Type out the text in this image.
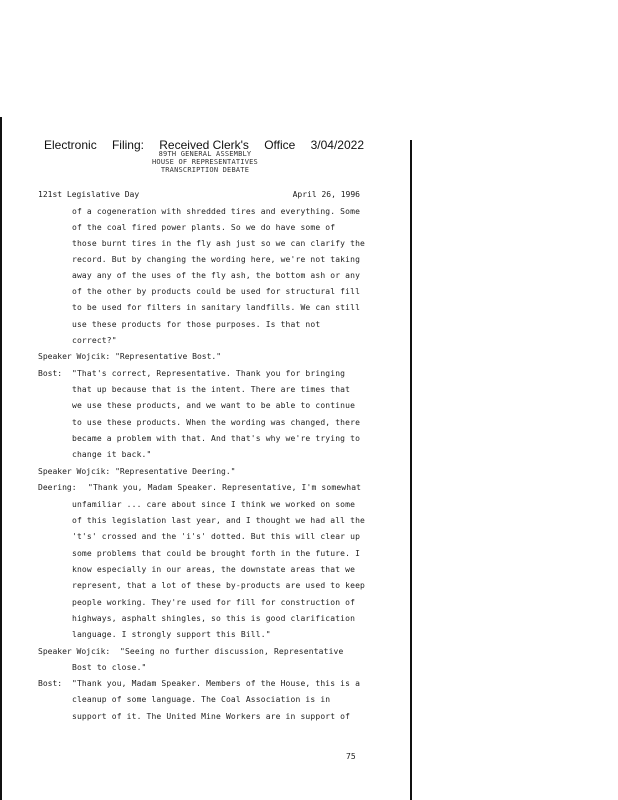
Electronic Filing: Received Clerk's Office 3/04/2022
89TH GENERAL ASSEMBLY
HOUSE OF REPRESENTATIVES
TRANSCRIPTION DEBATE
121st Legislative Day	April 26, 1996
of a cogeneration with shredded tires and everything. Some
of the coal fired power plants. So we do have some of
those burnt tires in the fly ash just so we can clarify the
record. But by changing the wording here, we're not taking
away any of the uses of the fly ash, the bottom ash or any
of the other by products could be used for structural fill
to be used for filters in sanitary landfills. We can still
use these products for those purposes. Is that not
correct?"
Speaker Wojcik: "Representative Bost."
Bost: "That's correct, Representative. Thank you for bringing
that up because that is the intent. There are times that
we use these products, and we want to be able to continue
to use these products. When the wording was changed, there
became a problem with that. And that's why we're trying to
change it back."
Speaker Wojcik: "Representative Deering."
Deering: "Thank you, Madam Speaker. Representative, I'm somewhat
unfamiliar ... care about since I think we worked on some
of this legislation last year, and I thought we had all the
't's' crossed and the 'i's' dotted. But this will clear up
some problems that could be brought forth in the future. I
know especially in our areas, the downstate areas that we
represent, that a lot of these by-products are used to keep
people working. They're used for fill for construction of
highways, asphalt shingles, so this is good clarification
language. I strongly support this Bill."
Speaker Wojcik: "Seeing no further discussion, Representative
Bost to close."
Bost: "Thank you, Madam Speaker. Members of the House, this is a
cleanup of some language. The Coal Association is in
support of it. The United Mine Workers are in support of
75
